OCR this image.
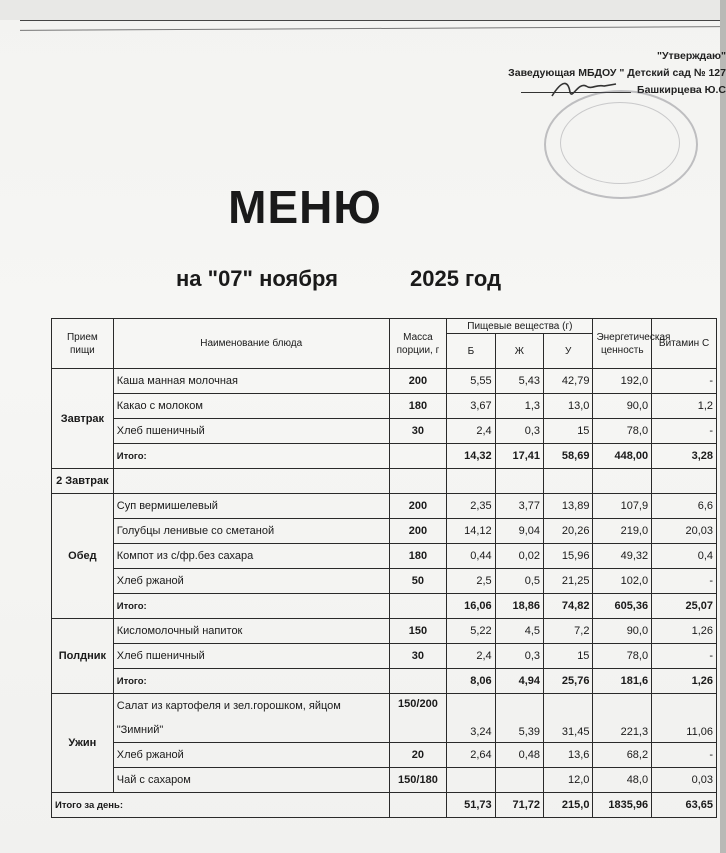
"Утверждаю"
Заведующая МБДОУ " Детский сад № 127
Башкирцева Ю.С
МЕНЮ
на "07" ноября	2025 год
Прием пищи	Наименование блюда	Масса порции, г	Пищевые вещества (г)			Энергетическая ценность	Витамин С
			Б	Ж	У		
Завтрак	Каша манная молочная	200	5,55	5,43	42,79	192,0	-
	Какао с молоком	180	3,67	1,3	13,0	90,0	1,2
	Хлеб пшеничный	30	2,4	0,3	15	78,0	-
	Итого:		14,32	17,41	58,69	448,00	3,28
2 Завтрак							
Обед	Суп вермишелевый	200	2,35	3,77	13,89	107,9	6,6
	Голубцы ленивые со сметаной	200	14,12	9,04	20,26	219,0	20,03
	Компот из с/фр.без сахара	180	0,44	0,02	15,96	49,32	0,4
	Хлеб ржаной	50	2,5	0,5	21,25	102,0	-
	Итого:		16,06	18,86	74,82	605,36	25,07
Полдник	Кисломолочный напиток	150	5,22	4,5	7,2	90,0	1,26
	Хлеб пшеничный	30	2,4	0,3	15	78,0	-
	Итого:		8,06	4,94	25,76	181,6	1,26
Ужин	Салат из картофеля и зел.горошком, яйцом "Зимний"	150/200	3,24	5,39	31,45	221,3	11,06
	Хлеб ржаной	20	2,64	0,48	13,6	68,2	-
	Чай с сахаром	150/180			12,0	48,0	0,03
Итого за день:			51,73	71,72	215,0	1835,96	63,65
